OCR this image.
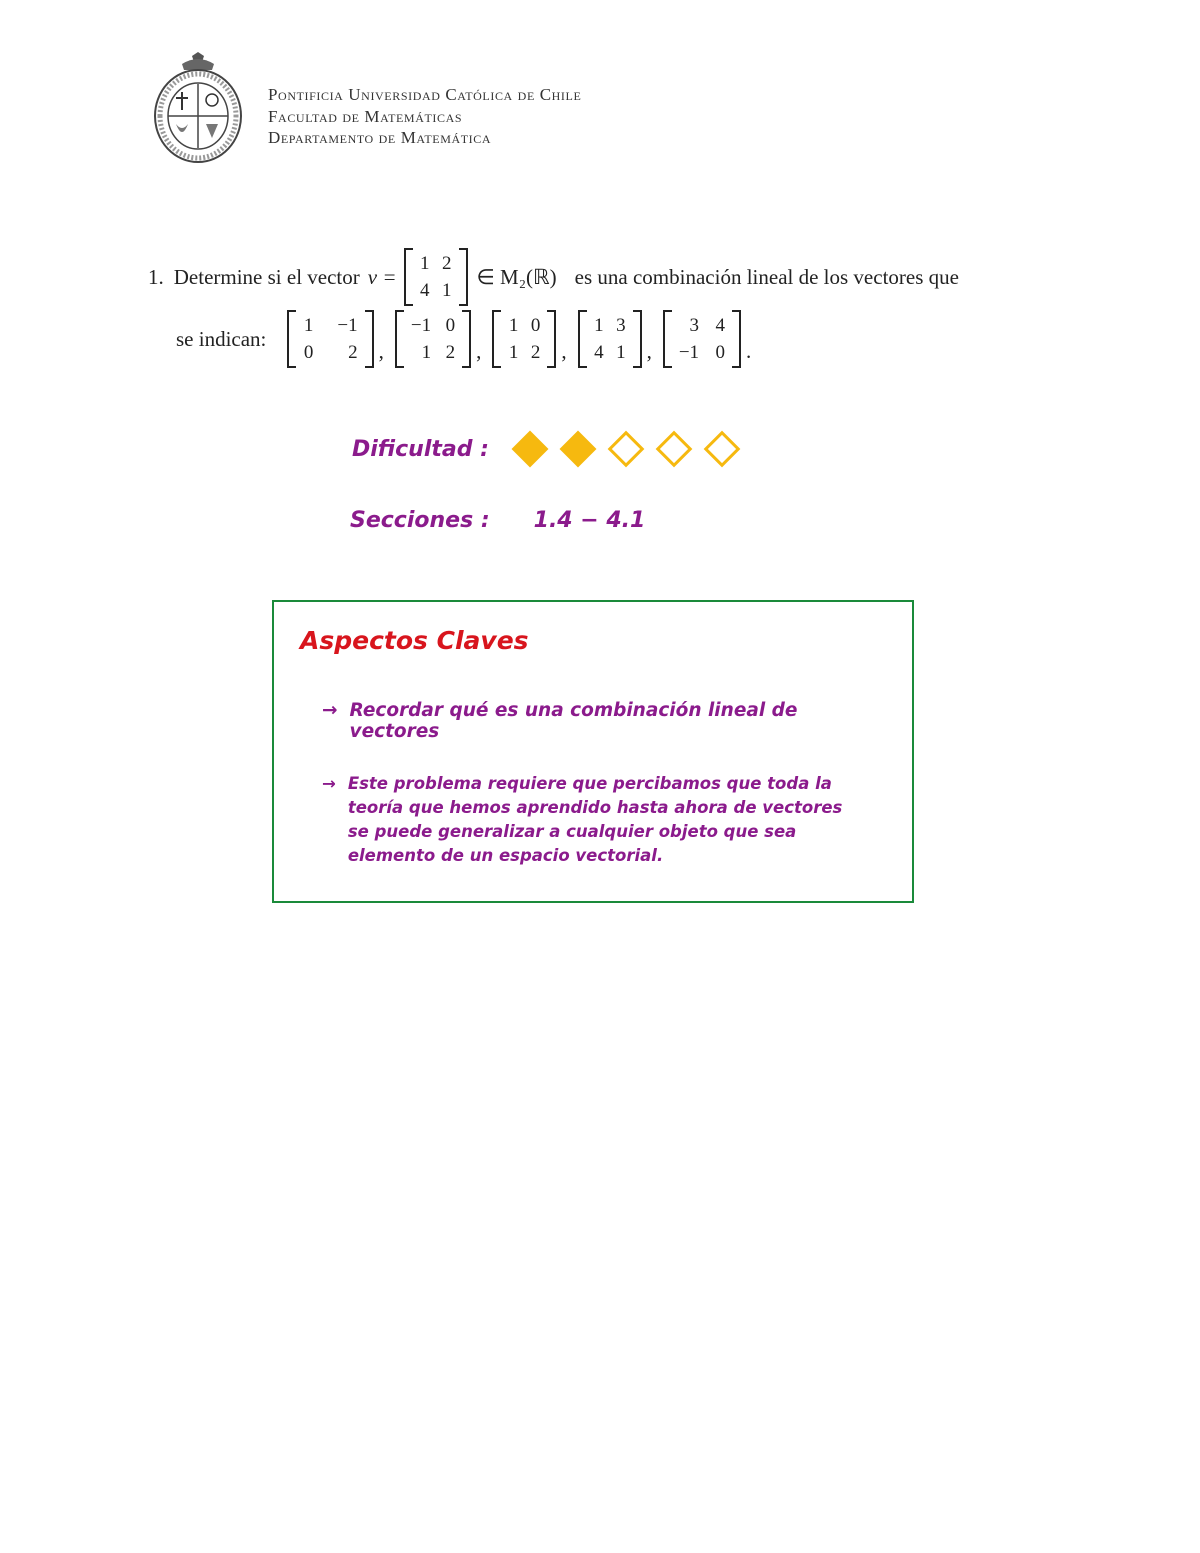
Pontificia Universidad Católica de Chile
Facultad de Matemáticas
Departamento de Matemática
1. Determine si el vector v =
1 2
4 1
∈ M₂(ℝ) es una combinación lineal de los vectores que
se indican:
1 −1
0	2 ,
−1 0
1 2 ,
1 0
1 2 ,
1 3
4 1 ,
3 4
−1 0 .
Dificultad :
Secciones : 1.4 − 4.1
Aspectos Claves
→ Recordar qué es una combinación lineal de vectores
→ Este problema requiere que percibamos que toda la teoría que hemos aprendido hasta ahora de vectores se puede generalizar a cualquier objeto que sea elemento de un espacio vectorial.
